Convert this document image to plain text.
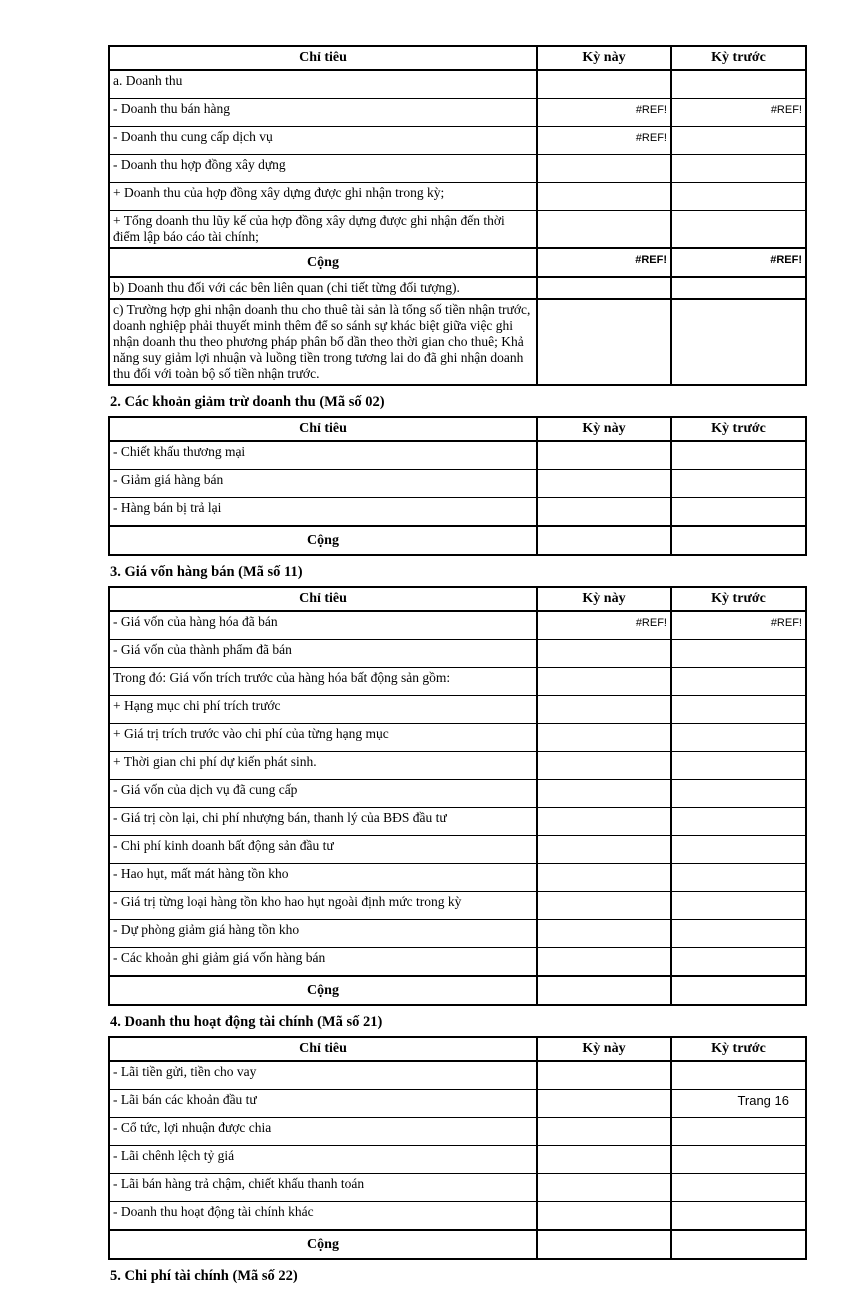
Chỉ tiêu	Kỳ này	Kỳ trước
a. Doanh thu		
- Doanh thu bán hàng	#REF!	#REF!
- Doanh thu cung cấp dịch vụ	#REF!	
- Doanh thu hợp đồng xây dựng		
+ Doanh thu của hợp đồng xây dựng được ghi nhận trong kỳ;		
+ Tổng doanh thu lũy kế của hợp đồng xây dựng được ghi nhận đến thời điểm lập báo cáo tài chính;		
Cộng	#REF!	#REF!
b) Doanh thu đối với các bên liên quan (chi tiết từng đối tượng).		
c) Trường hợp ghi nhận doanh thu cho thuê tài sản là tổng số tiền nhận trước, doanh nghiệp phải thuyết minh thêm để so sánh sự khác biệt giữa việc ghi nhận doanh thu theo phương pháp phân bổ dần theo thời gian cho thuê; Khả năng suy giảm lợi nhuận và luồng tiền trong tương lai do đã ghi nhận doanh thu đối với toàn bộ số tiền nhận trước.		
2. Các khoản giảm trừ doanh thu (Mã số 02)
Chỉ tiêu	Kỳ này	Kỳ trước
- Chiết khấu thương mại		
- Giảm giá hàng bán		
- Hàng bán bị trả lại		
Cộng		
3. Giá vốn hàng bán (Mã số 11)
Chỉ tiêu	Kỳ này	Kỳ trước
- Giá vốn của hàng hóa đã bán	#REF!	#REF!
- Giá vốn của thành phẩm đã bán		
Trong đó: Giá vốn trích trước của hàng hóa bất động sản gồm:		
+ Hạng mục chi phí trích trước		
+ Giá trị trích trước vào chi phí của từng hạng mục		
+ Thời gian chi phí dự kiến phát sinh.		
- Giá vốn của dịch vụ đã cung cấp		
- Giá trị còn lại, chi phí nhượng bán, thanh lý của BĐS đầu tư		
- Chi phí kinh doanh bất động sản đầu tư		
- Hao hụt, mất mát hàng tồn kho		
- Giá trị từng loại hàng tồn kho hao hụt ngoài định mức trong kỳ		
- Dự phòng giảm giá hàng tồn kho		
- Các khoản ghi giảm giá vốn hàng bán		
Cộng		
4. Doanh thu hoạt động tài chính (Mã số 21)
Chỉ tiêu	Kỳ này	Kỳ trước
- Lãi tiền gửi, tiền cho vay		
- Lãi bán các khoản đầu tư		
- Cổ tức, lợi nhuận được chia		
- Lãi chênh lệch tỷ giá		
- Lãi bán hàng trả chậm, chiết khấu thanh toán		
- Doanh thu hoạt động tài chính khác		
Cộng		
5. Chi phí tài chính (Mã số 22)
Trang 16
